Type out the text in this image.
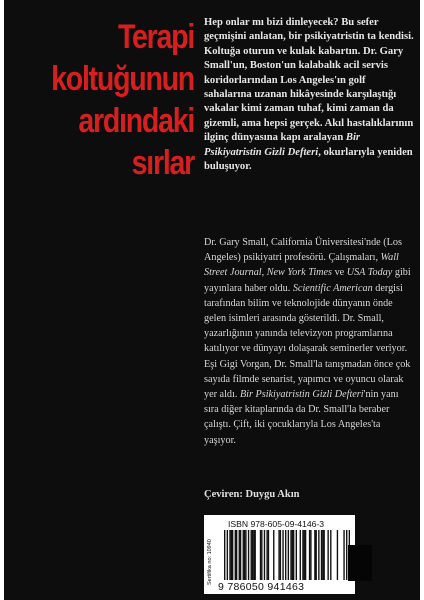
Terapi
koltuğunun
ardındaki
sırlar
Hep onlar mı bizi dinleyecek? Bu sefer geçmişini anlatan, bir psikiyatristin ta kendisi. Koltuğa oturun ve kulak kabartın. Dr. Gary Small'un, Boston'un kalabalık acil servis koridorlarından Los Angeles'ın golf sahalarına uzanan hikâyesinde karşılaştığı vakalar kimi zaman tuhaf, kimi zaman da gizemli, ama hepsi gerçek. Akıl hastalıklarının ilginç dünyasına kapı aralayan Bir Psikiyatristin Gizli Defteri, okurlarıyla yeniden buluşuyor.
Dr. Gary Small, California Üniversitesi'nde (Los Angeles) psikiyatri profesörü. Çalışmaları, Wall Street Journal, New York Times ve USA Today gibi yayınlara haber oldu. Scientific American dergisi tarafından bilim ve teknolojide dünyanın önde gelen isimleri arasında gösterildi. Dr. Small, yazarlığının yanında televizyon programlarına katılıyor ve dünyayı dolaşarak seminerler veriyor. Eşi Gigi Vorgan, Dr. Small'la tanışmadan önce çok sayıda filmde senarist, yapımcı ve oyuncu olarak yer aldı. Bir Psikiyatristin Gizli Defteri'nin yanı sıra diğer kitaplarında da Dr. Small'la beraber çalıştı. Çift, iki çocuklarıyla Los Angeles'ta yaşıyor.
Çeviren: Duygu Akın
Sertifika no: 10940
ISBN 978-605-09-4146-3
9 786050 941463
